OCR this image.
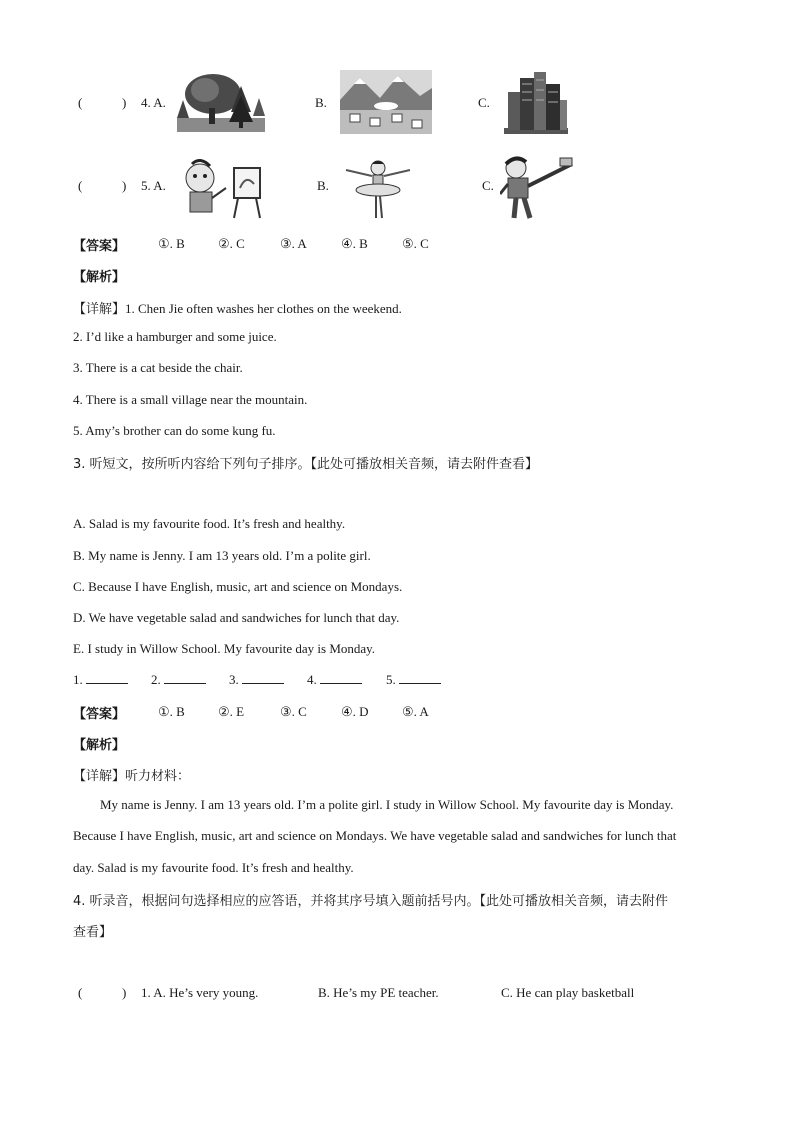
(	) 4. A.	B.	C.
(	) 5. A.	B.	C.
【答案】	①. B	②. C	③. A	④. B	⑤. C
【解析】
【详解】1. Chen Jie often washes her clothes on the weekend.
2. I’d like a hamburger and some juice.
3. There is a cat beside the chair.
4. There is a small village near the mountain.
5. Amy’s brother can do some kung fu.
3. 听短文，按所听内容给下列句子排序。【此处可播放相关音频，请去附件查看】
A. Salad is my favourite food. It’s fresh and healthy.
B. My name is Jenny. I am 13 years old. I’m a polite girl.
C. Because I have English, music, art and science on Mondays.
D. We have vegetable salad and sandwiches for lunch that day.
E. I study in Willow School. My favourite day is Monday.
1.	2.	3.	4.	5.
【答案】	①. B	②. E	③. C	④. D	⑤. A
【解析】
【详解】听力材料：
My name is Jenny. I am 13 years old. I’m a polite girl. I study in Willow School. My favourite day is Monday.
Because I have English, music, art and science on Mondays. We have vegetable salad and sandwiches for lunch that
day. Salad is my favourite food. It’s fresh and healthy.
4. 听录音，根据问句选择相应的应答语，并将其序号填入题前括号内。【此处可播放相关音频，请去附件
查看】
(	) 1. A. He’s very young.	B. He’s my PE teacher.	C. He can play basketball
